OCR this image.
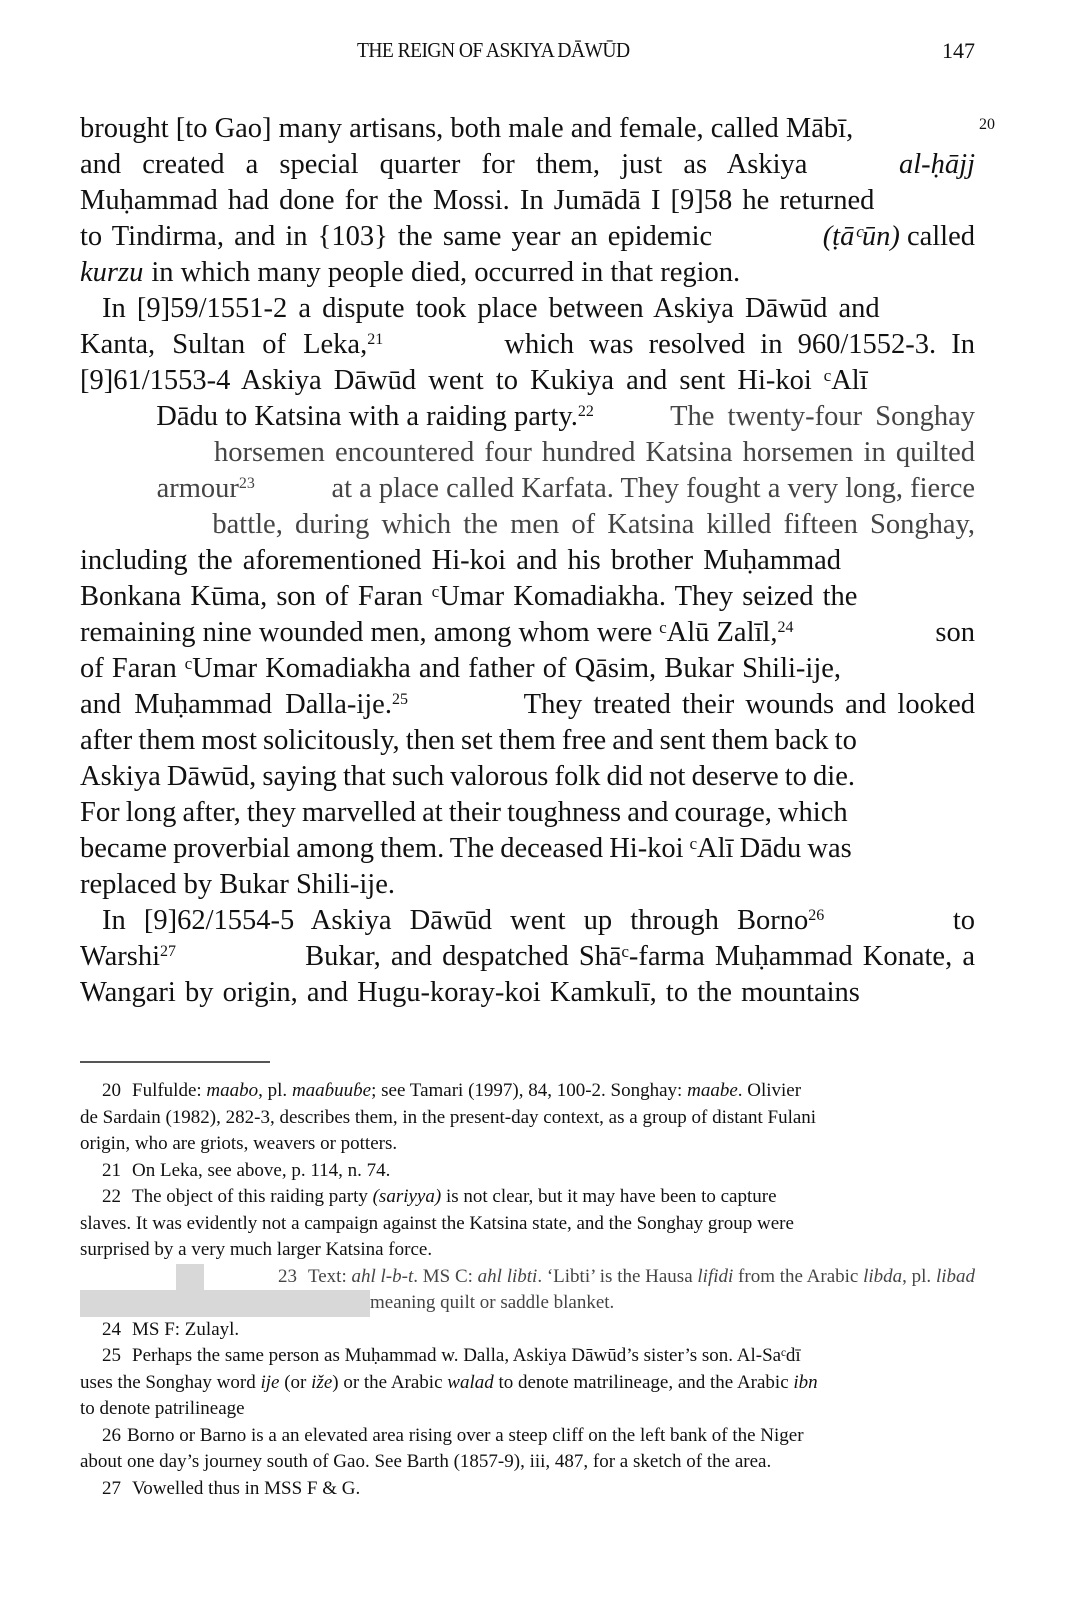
THE REIGN OF ASKIYA DĀWŪD	147
brought [to Gao] many artisans, both male and female, called Mābī,	20
and created a special quarter for them, just as Askiya	al-ḥājj
Muḥammad had done for the Mossi. In Jumādā I [9]58 he returned
to Tindirma, and in {103} the same year an epidemic	(ṭāᶜūn) called
kurzu in which many people died, occurred in that region.
In [9]59/1551-2 a dispute took place between Askiya Dāwūd and
Kanta, Sultan of Leka,$^{21}$	which was resolved in 960/1552-3. In
[9]61/1553-4 Askiya Dāwūd went to Kukiya and sent Hi-koi ᶜAlī
Dādu to Katsina with a raiding party.$^{22}$	The twenty-four Songhay
horsemen encountered four hundred Katsina horsemen in quilted
armour$^{23}$	at a place called Karfata. They fought a very long, fierce
battle, during which the men of Katsina killed fifteen Songhay,
including the aforementioned Hi-koi and his brother Muḥammad
Bonkana Kūma, son of Faran ᶜUmar Komadiakha. They seized the
remaining nine wounded men, among whom were ᶜAlū Zalīl,$^{24}$	son
of Faran ᶜUmar Komadiakha and father of Qāsim, Bukar Shili-ije,
and Muḥammad Dalla-ije.$^{25}$	They treated their wounds and looked
after them most solicitously, then set them free and sent them back to
Askiya Dāwūd, saying that such valorous folk did not deserve to die.
For long after, they marvelled at their toughness and courage, which
became proverbial among them. The deceased Hi-koi ᶜAlī Dādu was
replaced by Bukar Shili-ije.
In [9]62/1554-5 Askiya Dāwūd went up through Borno$^{26}$	to
Warshi$^{27}$	Bukar, and despatched Shāᶜ-farma Muḥammad Konate, a
Wangari by origin, and Hugu-koray-koi Kamkulī, to the mountains
20 Fulfulde: maabo, pl. maaɓuuɓe; see Tamari (1997), 84, 100-2. Songhay: maabe. Olivier
de Sardain (1982), 282-3, describes them, in the present-day context, as a group of distant Fulani
origin, who are griots, weavers or potters.
21 On Leka, see above, p. 114, n. 74.
22 The object of this raiding party (sariyya) is not clear, but it may have been to capture
slaves. It was evidently not a campaign against the Katsina state, and the Songhay group were
surprised by a very much larger Katsina force.
23 Text: ahl l-b-t. MS C: ahl libti. ‘Libti’ is the Hausa lifidi from the Arabic libda, pl. libad
meaning quilt or saddle blanket.
24 MS F: Zulayl.
25 Perhaps the same person as Muḥammad w. Dalla, Askiya Dāwūd’s sister’s son. Al-Saᶜdī
uses the Songhay word ije (or iže) or the Arabic walad to denote matrilineage, and the Arabic ibn
to denote patrilineage
26 Borno or Barno is a an elevated area rising over a steep cliff on the left bank of the Niger
about one day’s journey south of Gao. See Barth (1857-9), iii, 487, for a sketch of the area.
27 Vowelled thus in MSS F & G.
